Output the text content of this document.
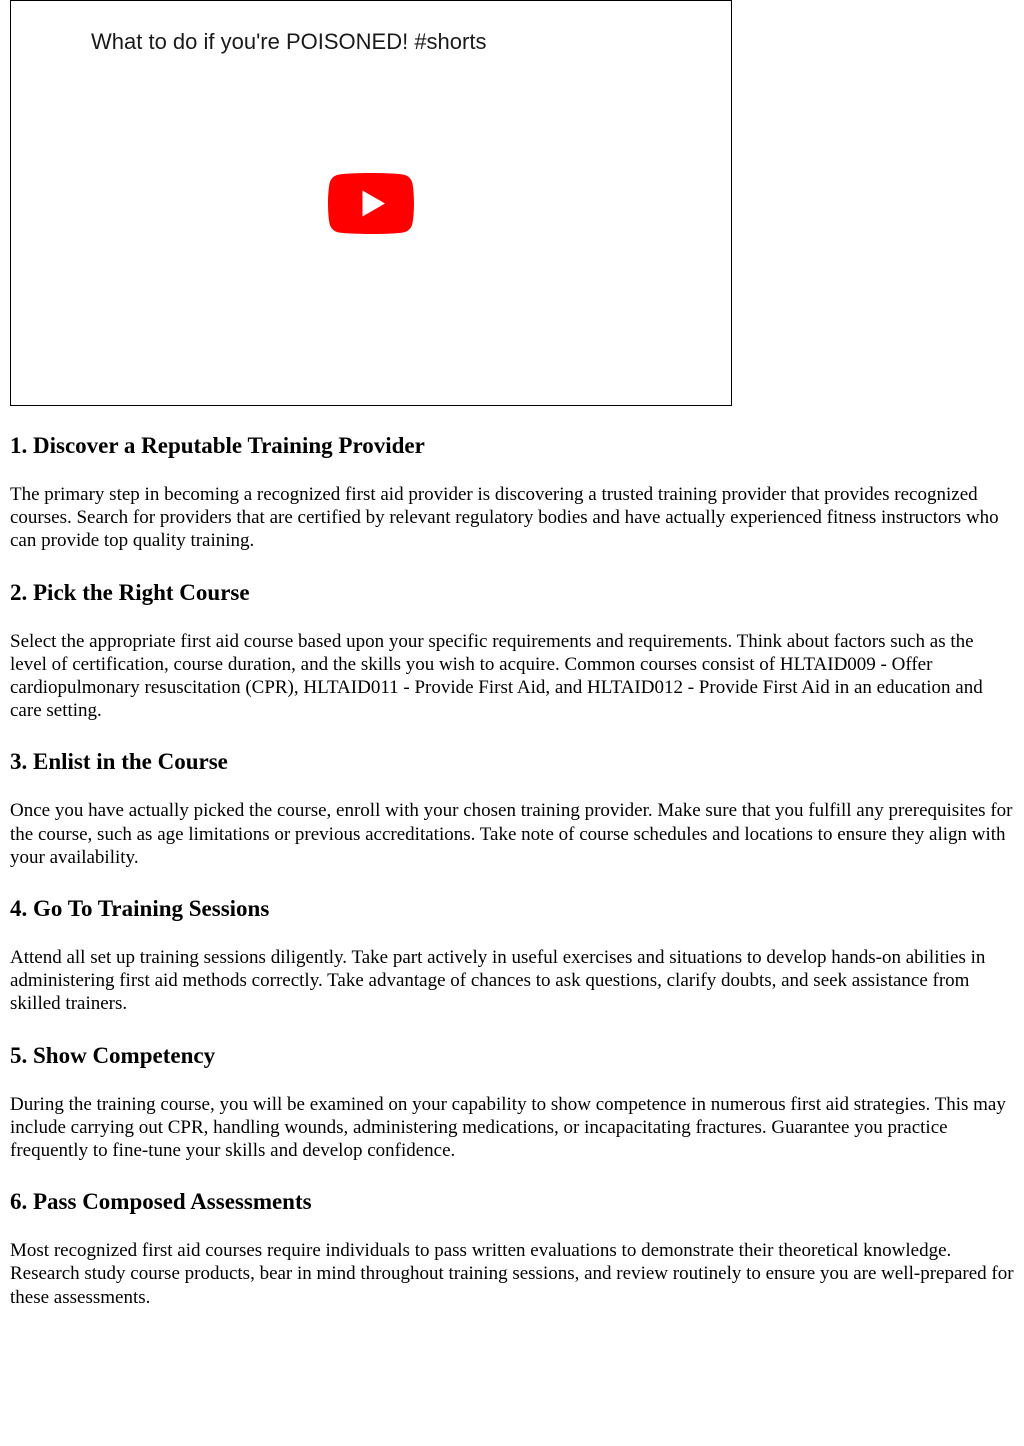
What to do if you're POISONED! #shorts
1. Discover a Reputable Training Provider

The primary step in becoming a recognized first aid provider is discovering a trusted training provider that provides recognized courses. Search for providers that are certified by relevant regulatory bodies and have actually experienced fitness instructors who can provide top quality training.

2. Pick the Right Course

Select the appropriate first aid course based upon your specific requirements and requirements. Think about factors such as the level of certification, course duration, and the skills you wish to acquire. Common courses consist of HLTAID009 - Offer cardiopulmonary resuscitation (CPR), HLTAID011 - Provide First Aid, and HLTAID012 - Provide First Aid in an education and care setting.

3. Enlist in the Course

Once you have actually picked the course, enroll with your chosen training provider. Make sure that you fulfill any prerequisites for the course, such as age limitations or previous accreditations. Take note of course schedules and locations to ensure they align with your availability.

4. Go To Training Sessions

Attend all set up training sessions diligently. Take part actively in useful exercises and situations to develop hands-on abilities in administering first aid methods correctly. Take advantage of chances to ask questions, clarify doubts, and seek assistance from skilled trainers.

5. Show Competency

During the training course, you will be examined on your capability to show competence in numerous first aid strategies. This may include carrying out CPR, handling wounds, administering medications, or incapacitating fractures. Guarantee you practice frequently to fine-tune your skills and develop confidence.

6. Pass Composed Assessments

Most recognized first aid courses require individuals to pass written evaluations to demonstrate their theoretical knowledge. Research study course products, bear in mind throughout training sessions, and review routinely to ensure you are well-prepared for these assessments.
